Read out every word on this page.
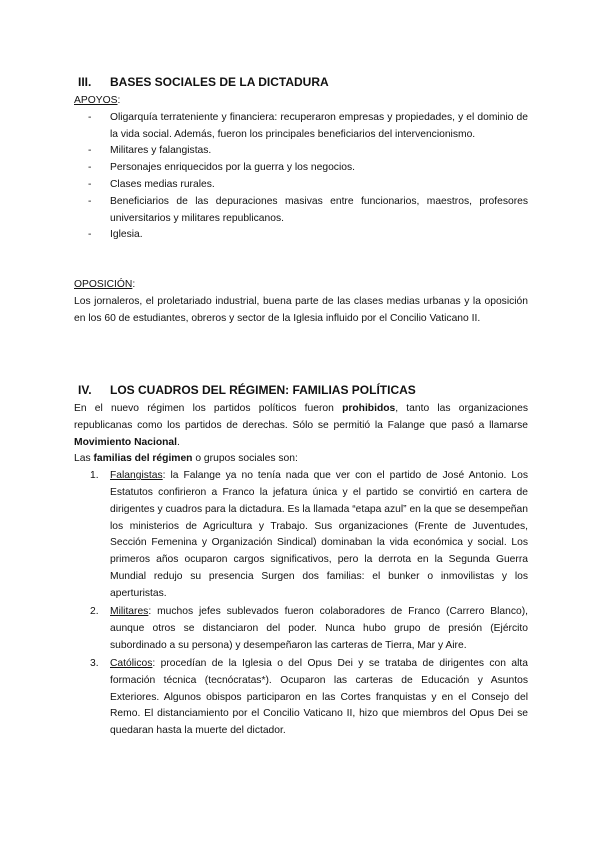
III.	BASES SOCIALES DE LA DICTADURA
APOYOS:
- Oligarquía terrateniente y financiera: recuperaron empresas y propiedades, y el dominio de la vida social. Además, fueron los principales beneficiarios del intervencionismo.
- Militares y falangistas.
- Personajes enriquecidos por la guerra y los negocios.
- Clases medias rurales.
- Beneficiarios de las depuraciones masivas entre funcionarios, maestros, profesores universitarios y militares republicanos.
- Iglesia.
OPOSICIÓN:
Los jornaleros, el proletariado industrial, buena parte de las clases medias urbanas y la oposición en los 60 de estudiantes, obreros y sector de la Iglesia influido por el Concilio Vaticano II.
IV.	LOS CUADROS DEL RÉGIMEN: FAMILIAS POLÍTICAS
En el nuevo régimen los partidos políticos fueron prohibidos, tanto las organizaciones republicanas como los partidos de derechas. Sólo se permitió la Falange que pasó a llamarse Movimiento Nacional.
Las familias del régimen o grupos sociales son:
1. Falangistas: la Falange ya no tenía nada que ver con el partido de José Antonio. Los Estatutos confirieron a Franco la jefatura única y el partido se convirtió en cartera de dirigentes y cuadros para la dictadura. Es la llamada “etapa azul” en la que se desempeñan los ministerios de Agricultura y Trabajo. Sus organizaciones (Frente de Juventudes, Sección Femenina y Organización Sindical) dominaban la vida económica y social. Los primeros años ocuparon cargos significativos, pero la derrota en la Segunda Guerra Mundial redujo su presencia Surgen dos familias: el bunker o inmovilistas y los aperturistas.
2. Militares: muchos jefes sublevados fueron colaboradores de Franco (Carrero Blanco), aunque otros se distanciaron del poder. Nunca hubo grupo de presión (Ejército subordinado a su persona) y desempeñaron las carteras de Tierra, Mar y Aire.
3. Católicos: procedían de la Iglesia o del Opus Dei y se trataba de dirigentes con alta formación técnica (tecnócratas*). Ocuparon las carteras de Educación y Asuntos Exteriores. Algunos obispos participaron en las Cortes franquistas y en el Consejo del Remo. El distanciamiento por el Concilio Vaticano II, hizo que miembros del Opus Dei se quedaran hasta la muerte del dictador.
